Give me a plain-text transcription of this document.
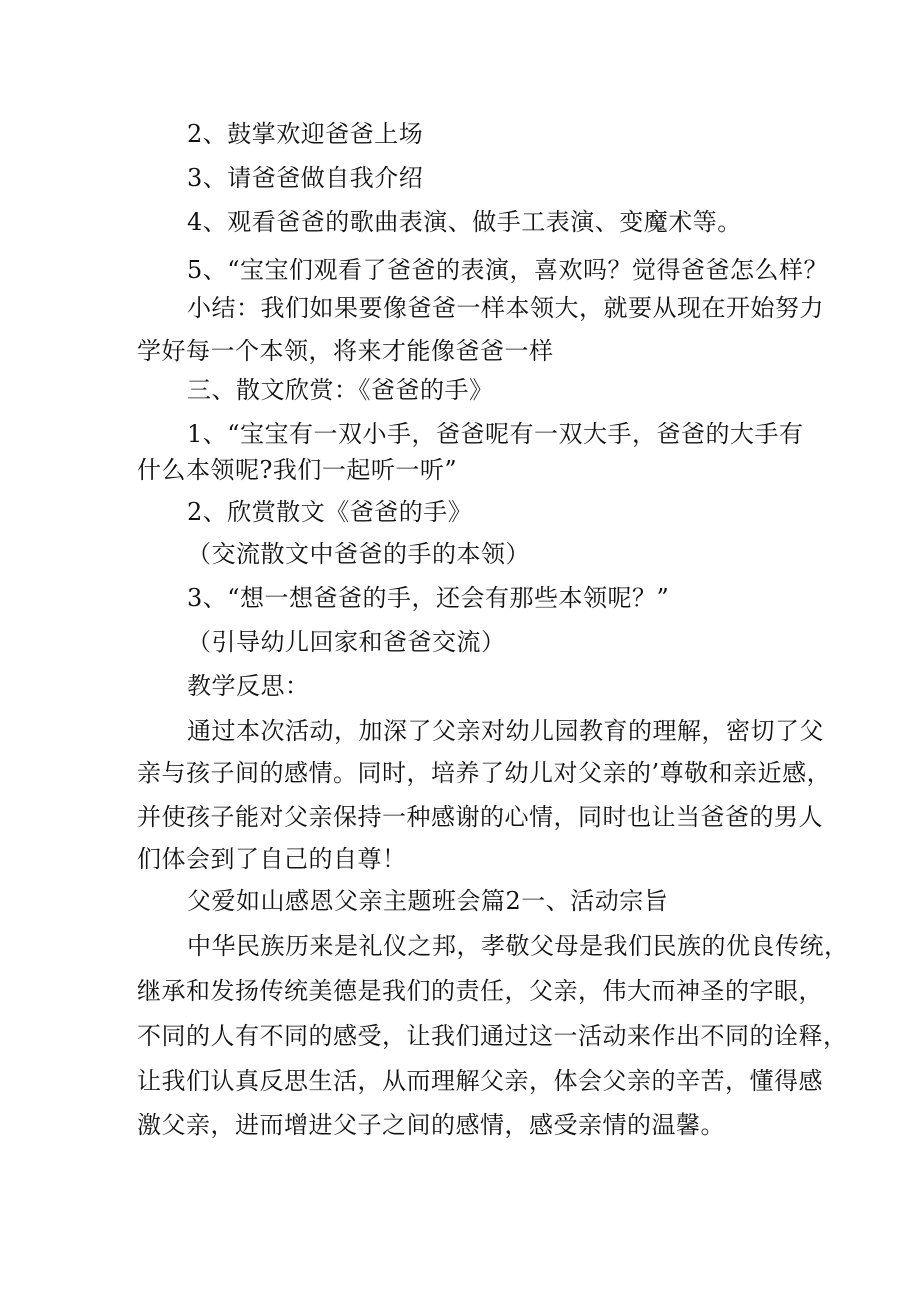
2、鼓掌欢迎爸爸上场
3、请爸爸做自我介绍
4、观看爸爸的歌曲表演、做手工表演、变魔术等。
5、“宝宝们观看了爸爸的表演，喜欢吗？觉得爸爸怎么样？
小结：我们如果要像爸爸一样本领大，就要从现在开始努力
学好每一个本领，将来才能像爸爸一样
三、散文欣赏：《爸爸的手》
1、“宝宝有一双小手，爸爸呢有一双大手，爸爸的大手有
什么本领呢?我们一起听一听”
2、欣赏散文《爸爸的手》
（交流散文中爸爸的手的本领）
3、“想一想爸爸的手，还会有那些本领呢？”
（引导幼儿回家和爸爸交流）
教学反思：
通过本次活动，加深了父亲对幼儿园教育的理解，密切了父
亲与孩子间的感情。同时，培养了幼儿对父亲的’尊敬和亲近感，
并使孩子能对父亲保持一种感谢的心情，同时也让当爸爸的男人
们体会到了自己的自尊！
父爱如山感恩父亲主题班会篇2一、活动宗旨
中华民族历来是礼仪之邦，孝敬父母是我们民族的优良传统，
继承和发扬传统美德是我们的责任，父亲，伟大而神圣的字眼，
不同的人有不同的感受，让我们通过这一活动来作出不同的诠释，
让我们认真反思生活，从而理解父亲，体会父亲的辛苦，懂得感
激父亲，进而增进父子之间的感情，感受亲情的温馨。
